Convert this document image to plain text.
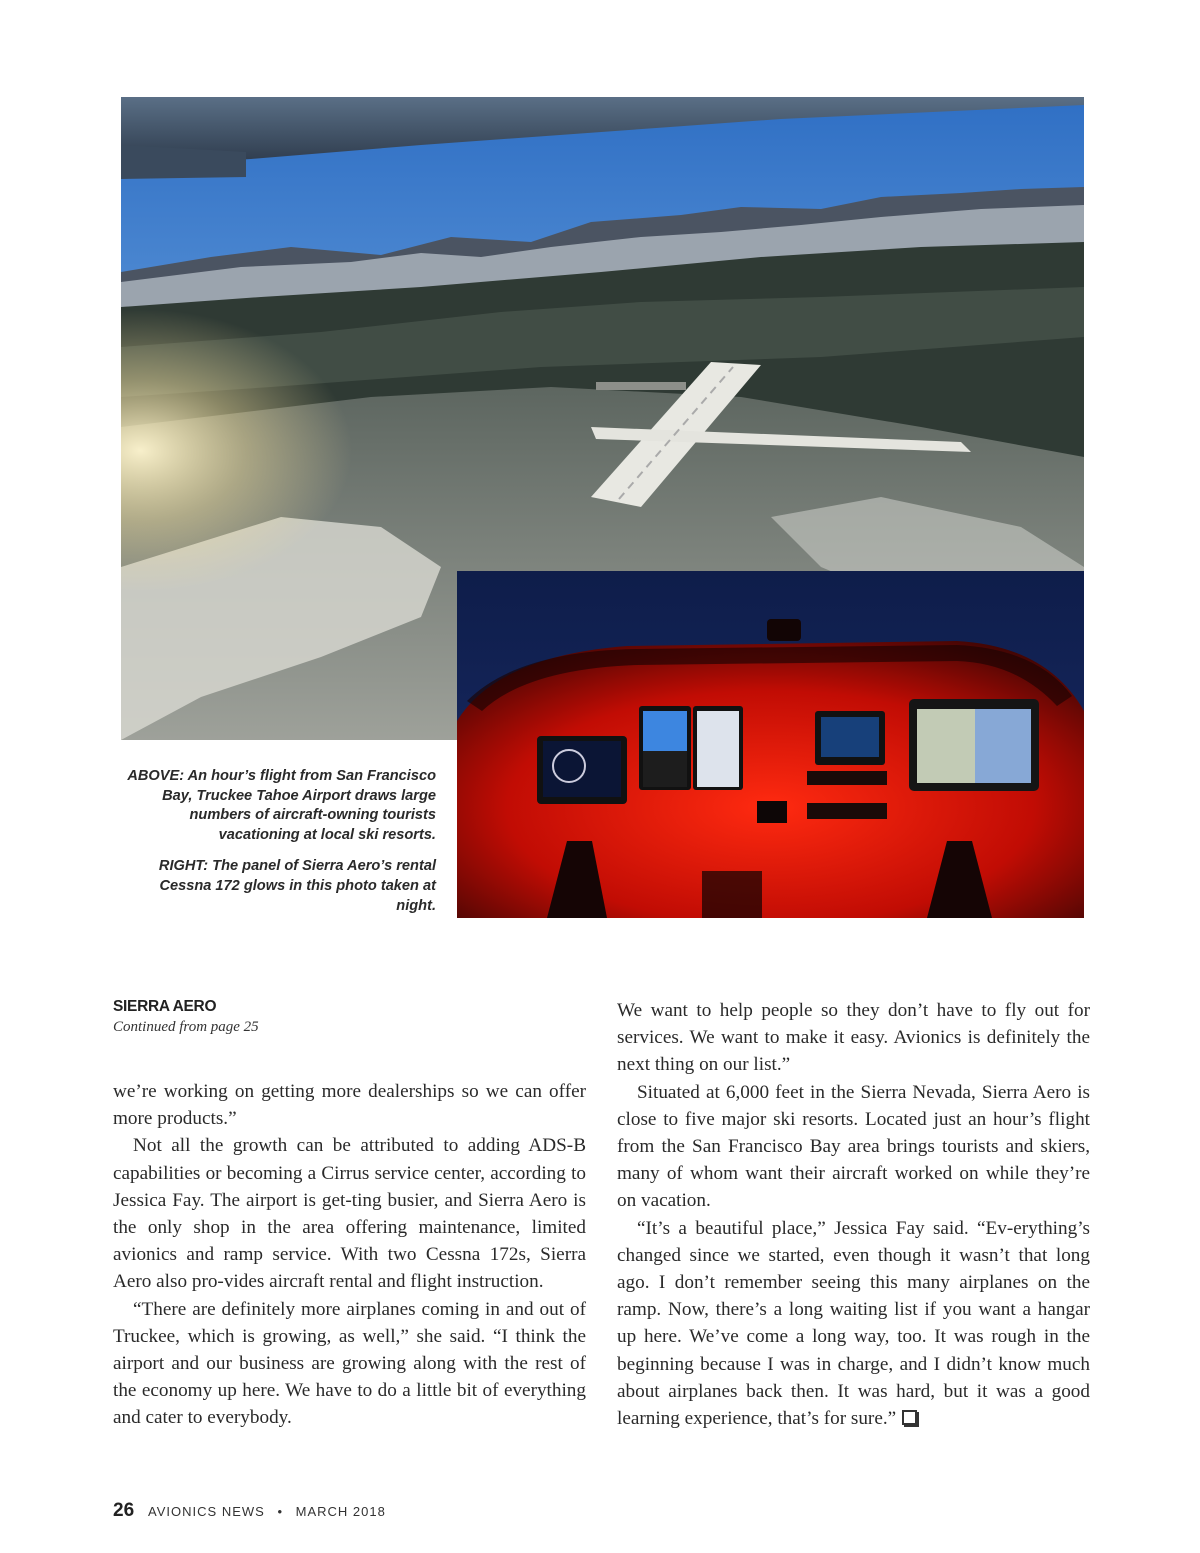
ABOVE: An hour’s flight from San Francisco Bay, Truckee Tahoe Airport draws large numbers of aircraft-owning tourists vacationing at local ski resorts.

RIGHT: The panel of Sierra Aero’s rental Cessna 172 glows in this photo taken at night.

SIERRA AERO
Continued from page 25

we’re working on getting more dealerships so we can offer more products.”

Not all the growth can be attributed to adding ADS-B capabilities or becoming a Cirrus service center, according to Jessica Fay. The airport is get-ting busier, and Sierra Aero is the only shop in the area offering maintenance, limited avionics and ramp service. With two Cessna 172s, Sierra Aero also pro-vides aircraft rental and flight instruction.

“There are definitely more airplanes coming in and out of Truckee, which is growing, as well,” she said. “I think the airport and our business are growing along with the rest of the economy up here. We have to do a little bit of everything and cater to everybody.

We want to help people so they don’t have to fly out for services. We want to make it easy. Avionics is definitely the next thing on our list.”

Situated at 6,000 feet in the Sierra Nevada, Sierra Aero is close to five major ski resorts. Located just an hour’s flight from the San Francisco Bay area brings tourists and skiers, many of whom want their aircraft worked on while they’re on vacation.

“It’s a beautiful place,” Jessica Fay said. “Ev-erything’s changed since we started, even though it wasn’t that long ago. I don’t remember seeing this many airplanes on the ramp. Now, there’s a long waiting list if you want a hangar up here. We’ve come a long way, too. It was rough in the beginning because I was in charge, and I didn’t know much about airplanes back then. It was hard, but it was a good learning experience, that’s for sure.”

26 AVIONICS NEWS • MARCH 2018
